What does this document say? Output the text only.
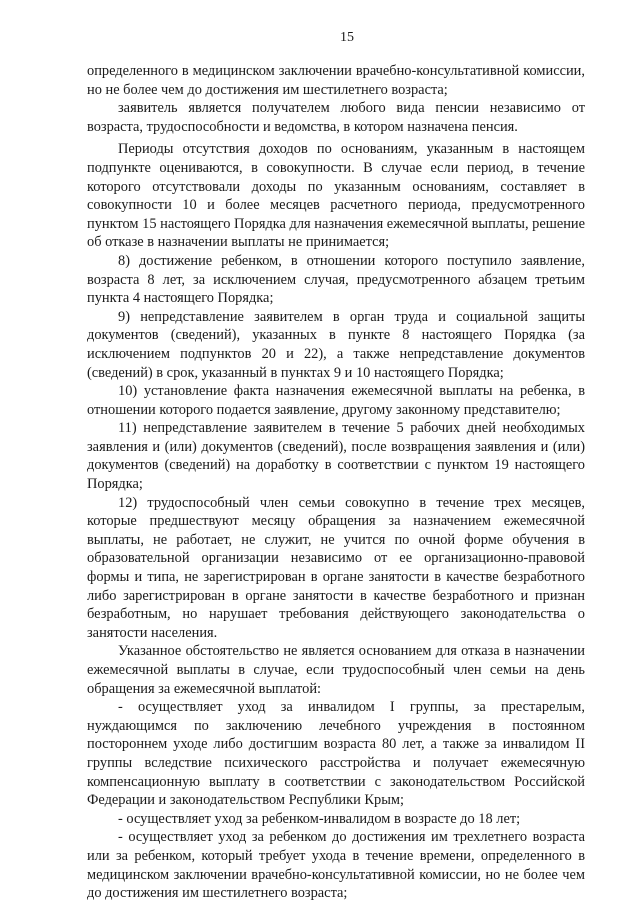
15

определенного в медицинском заключении врачебно-консультативной комиссии, но не более чем до достижения им шестилетнего возраста;

заявитель является получателем любого вида пенсии независимо от возраста, трудоспособности и ведомства, в котором назначена пенсия.

Периоды отсутствия доходов по основаниям, указанным в настоящем подпункте оцениваются, в совокупности. В случае если период, в течение которого отсутствовали доходы по указанным основаниям, составляет в совокупности 10 и более месяцев расчетного периода, предусмотренного пунктом 15 настоящего Порядка для назначения ежемесячной выплаты, решение об отказе в назначении выплаты не принимается;

8) достижение ребенком, в отношении которого поступило заявление, возраста 8 лет, за исключением случая, предусмотренного абзацем третьим пункта 4 настоящего Порядка;

9) непредставление заявителем в орган труда и социальной защиты документов (сведений), указанных в пункте 8 настоящего Порядка (за исключением подпунктов 20 и 22), а также непредставление документов (сведений) в срок, указанный в пунктах 9 и 10 настоящего Порядка;

10) установление факта назначения ежемесячной выплаты на ребенка, в отношении которого подается заявление, другому законному представителю;

11) непредставление заявителем в течение 5 рабочих дней необходимых заявления и (или) документов (сведений), после возвращения заявления и (или) документов (сведений) на доработку в соответствии с пунктом 19 настоящего Порядка;

12) трудоспособный член семьи совокупно в течение трех месяцев, которые предшествуют месяцу обращения за назначением ежемесячной выплаты, не работает, не служит, не учится по очной форме обучения в образовательной организации независимо от ее организационно-правовой формы и типа, не зарегистрирован в органе занятости в качестве безработного либо зарегистрирован в органе занятости в качестве безработного и признан безработным, но нарушает требования действующего законодательства о занятости населения.

Указанное обстоятельство не является основанием для отказа в назначении ежемесячной выплаты в случае, если трудоспособный член семьи на день обращения за ежемесячной выплатой:

- осуществляет уход за инвалидом I группы, за престарелым, нуждающимся по заключению лечебного учреждения в постоянном постороннем уходе либо достигшим возраста 80 лет, а также за инвалидом II группы вследствие психического расстройства и получает ежемесячную компенсационную выплату в соответствии с законодательством Российской Федерации и законодательством Республики Крым;

- осуществляет уход за ребенком-инвалидом в возрасте до 18 лет;

- осуществляет уход за ребенком до достижения им трехлетнего возраста или за ребенком, который требует ухода в течение времени, определенного в медицинском заключении врачебно-консультативной комиссии, но не более чем до достижения им шестилетнего возраста;
